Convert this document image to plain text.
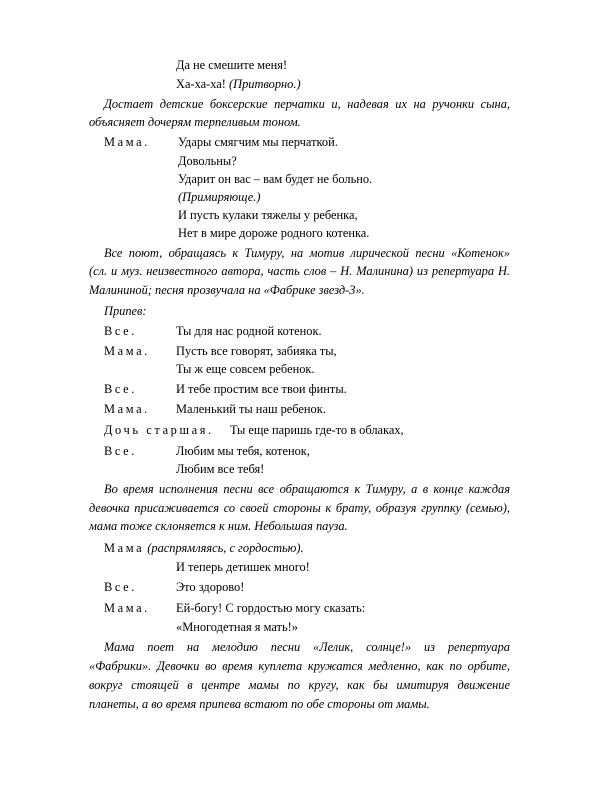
Да не смешите меня!
Ха-ха-ха! (Притворно.)
Достает детские боксерские перчатки и, надевая их на ручонки сына,
объясняет дочерям терпеливым тоном.
Мама. Удары смягчим мы перчаткой.
Довольны?
Ударит он вас – вам будет не больно.
(Примиряюще.)
И пусть кулаки тяжелы у ребенка,
Нет в мире дороже родного котенка.
Все поют, обращаясь к Тимуру, на мотив лирической песни «Котенок»
(сл. и муз. неизвестного автора, часть слов – Н. Малинина) из репертуара Н.
Малининой; песня прозвучала на «Фабрике звезд-3».
Припев:
Все.	Ты для нас родной котенок.
Мама. Пусть все говорят, забияка ты,
Ты ж еще совсем ребенок.
Все.	И тебе простим все твои финты.
Мама. Маленький ты наш ребенок.
Дочь старшая. Ты еще паришь где-то в облаках,
Все.	Любим мы тебя, котенок,
Любим все тебя!
Во время исполнения песни все обращаются к Тимуру, а в конце каждая
девочка присаживается со своей стороны к брату, образуя группку (семью),
мама тоже склоняется к ним. Небольшая пауза.
Мама (распрямляясь, с гордостью).
И теперь детишек много!
Все.	Это здорово!
Мама. Ей-богу! С гордостью могу сказать:
«Многодетная я мать!»
Мама поет на мелодию песни «Лелик, солнце!» из репертуара
«Фабрики». Девочки во время куплета кружатся медленно, как по орбите,
вокруг стоящей в центре мамы по кругу, как бы имитируя движение
планеты, а во время припева встают по обе стороны от мамы.
